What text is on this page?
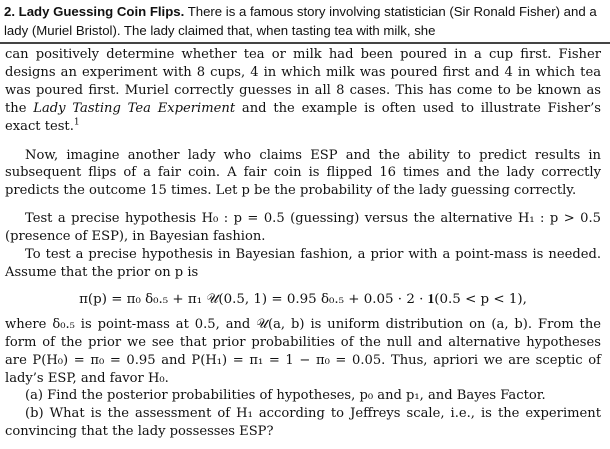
2. Lady Guessing Coin Flips. There is a famous story involving statistician (Sir Ronald Fisher) and a lady (Muriel Bristol). The lady claimed that, when tasting tea with milk, she

can positively determine whether tea or milk had been poured in a cup first. Fisher designs an experiment with 8 cups, 4 in which milk was poured first and 4 in which tea was poured first. Muriel correctly guesses in all 8 cases. This has come to be known as the Lady Tasting Tea Experiment and the example is often used to illustrate Fisher’s exact test.$^1$

Now, imagine another lady who claims ESP and the ability to predict results in subsequent flips of a fair coin. A fair coin is flipped 16 times and the lady correctly predicts the outcome 15 times. Let p be the probability of the lady guessing correctly.

Test a precise hypothesis H₀ : p = 0.5 (guessing) versus the alternative H₁ : p > 0.5 (presence of ESP), in Bayesian fashion.

To test a precise hypothesis in Bayesian fashion, a prior with a point-mass is needed. Assume that the prior on p is

π(p) = π₀ δ₀.₅ + π₁ 𝒰(0.5, 1) = 0.95 δ₀.₅ + 0.05 · 2 · 𝟏(0.5 < p < 1),

where δ₀.₅ is point-mass at 0.5, and 𝒰(a, b) is uniform distribution on (a, b). From the form of the prior we see that prior probabilities of the null and alternative hypotheses are P(H₀) = π₀ = 0.95 and P(H₁) = π₁ = 1 − π₀ = 0.05. Thus, apriori we are sceptic of lady’s ESP, and favor H₀.

(a) Find the posterior probabilities of hypotheses, p₀ and p₁, and Bayes Factor.

(b) What is the assessment of H₁ according to Jeffreys scale, i.e., is the experiment convincing that the lady possesses ESP?
